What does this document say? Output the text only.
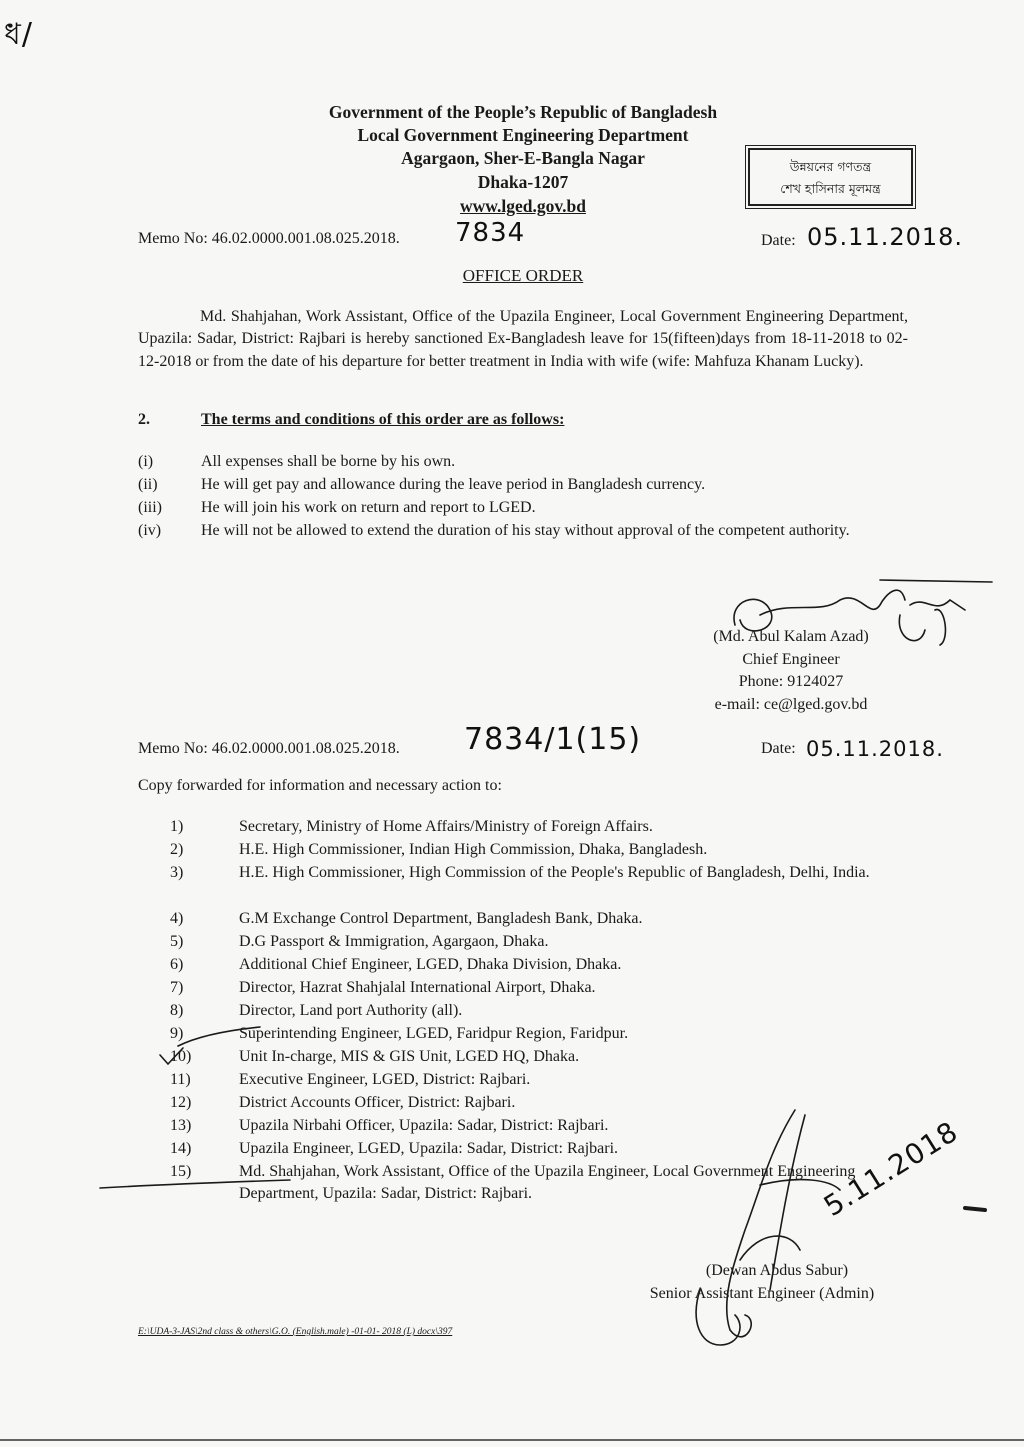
ধ/
Government of the People’s Republic of Bangladesh
Local Government Engineering Department
Agargaon, Sher-E-Bangla Nagar
Dhaka-1207
www.lged.gov.bd
উন্নয়নের গণতন্ত্র
শেখ হাসিনার মূলমন্ত্র
Memo No: 46.02.0000.001.08.025.2018. 7834	Date: 05.11.2018.
OFFICE ORDER
Md. Shahjahan, Work Assistant, Office of the Upazila Engineer, Local Government Engineering Department, Upazila: Sadar, District: Rajbari is hereby sanctioned Ex-Bangladesh leave for 15(fifteen)days from 18-11-2018 to 02-12-2018 or from the date of his departure for better treatment in India with wife (wife: Mahfuza Khanam Lucky).
2.	The terms and conditions of this order are as follows:
(i)	All expenses shall be borne by his own.
(ii)	He will get pay and allowance during the leave period in Bangladesh currency.
(iii) He will join his work on return and report to LGED.
(iv) He will not be allowed to extend the duration of his stay without approval of the competent authority.
(Md. Abul Kalam Azad)
Chief Engineer
Phone: 9124027
e-mail: ce@lged.gov.bd
Memo No: 46.02.0000.001.08.025.2018. 7834/1(15)	Date: 05.11.2018.
Copy forwarded for information and necessary action to:
1)	Secretary, Ministry of Home Affairs/Ministry of Foreign Affairs.
2)	H.E. High Commissioner, Indian High Commission, Dhaka, Bangladesh.
3)	H.E. High Commissioner, High Commission of the People's Republic of Bangladesh, Delhi, India.
4)	G.M Exchange Control Department, Bangladesh Bank, Dhaka.
5)	D.G Passport & Immigration, Agargaon, Dhaka.
6)	Additional Chief Engineer, LGED, Dhaka Division, Dhaka.
7)	Director, Hazrat Shahjalal International Airport, Dhaka.
8)	Director, Land port Authority (all).
9)	Superintending Engineer, LGED, Faridpur Region, Faridpur.
10)	Unit In-charge, MIS & GIS Unit, LGED HQ, Dhaka.
11)	Executive Engineer, LGED, District: Rajbari.
12)	District Accounts Officer, District: Rajbari.
13)	Upazila Nirbahi Officer, Upazila: Sadar, District: Rajbari.
14)	Upazila Engineer, LGED, Upazila: Sadar, District: Rajbari.
15)	Md. Shahjahan, Work Assistant, Office of the Upazila Engineer, Local Government Engineering Department, Upazila: Sadar, District: Rajbari.	5.11.2018
(Dewan Abdus Sabur)
Senior Assistant Engineer (Admin)
E:\UDA-3-JAS\2nd class & others\G.O. (English.male) -01-01- 2018 (L) docx\397
